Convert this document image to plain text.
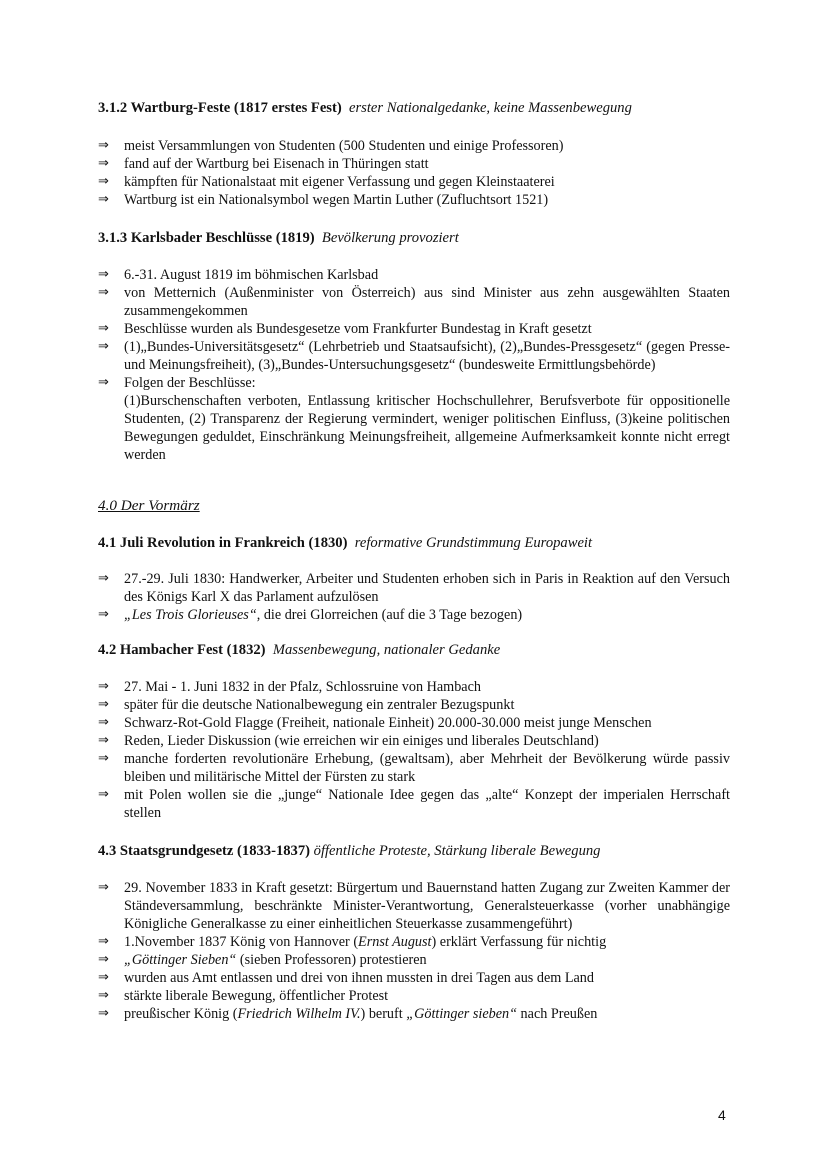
3.1.2 Wartburg-Feste (1817 erstes Fest) erster Nationalgedanke, keine Massenbewegung
⇒ meist Versammlungen von Studenten (500 Studenten und einige Professoren)
⇒ fand auf der Wartburg bei Eisenach in Thüringen statt
⇒ kämpften für Nationalstaat mit eigener Verfassung und gegen Kleinstaaterei
⇒ Wartburg ist ein Nationalsymbol wegen Martin Luther (Zufluchtsort 1521)
3.1.3 Karlsbader Beschlüsse (1819) Bevölkerung provoziert
⇒ 6.-31. August 1819 im böhmischen Karlsbad
⇒ von Metternich (Außenminister von Österreich) aus sind Minister aus zehn ausgewählten Staaten zusammengekommen
⇒ Beschlüsse wurden als Bundesgesetze vom Frankfurter Bundestag in Kraft gesetzt
⇒ (1)„Bundes-Universitätsgesetz“ (Lehrbetrieb und Staatsaufsicht), (2)„Bundes-Pressgesetz“ (gegen Presse- und Meinungsfreiheit), (3)„Bundes-Untersuchungsgesetz“ (bundesweite Ermittlungsbehörde)
⇒ Folgen der Beschlüsse:

(1)Burschenschaften verboten, Entlassung kritischer Hochschullehrer, Berufsverbote für oppositionelle Studenten, (2) Transparenz der Regierung vermindert, weniger politischen Einfluss, (3)keine politischen Bewegungen geduldet, Einschränkung Meinungsfreiheit, allgemeine Aufmerksamkeit konnte nicht erregt werden
4.0 Der Vormärz
4.1 Juli Revolution in Frankreich (1830) reformative Grundstimmung Europaweit
⇒ 27.-29. Juli 1830: Handwerker, Arbeiter und Studenten erhoben sich in Paris in Reaktion auf den Versuch des Königs Karl X das Parlament aufzulösen
⇒ „Les Trois Glorieuses“, die drei Glorreichen (auf die 3 Tage bezogen)
4.2 Hambacher Fest (1832) Massenbewegung, nationaler Gedanke
⇒ 27. Mai - 1. Juni 1832 in der Pfalz, Schlossruine von Hambach
⇒ später für die deutsche Nationalbewegung ein zentraler Bezugspunkt
⇒ Schwarz-Rot-Gold Flagge (Freiheit, nationale Einheit) 20.000-30.000 meist junge Menschen
⇒ Reden, Lieder Diskussion (wie erreichen wir ein einiges und liberales Deutschland)
⇒ manche forderten revolutionäre Erhebung, (gewaltsam), aber Mehrheit der Bevölkerung würde passiv bleiben und militärische Mittel der Fürsten zu stark
⇒ mit Polen wollen sie die „junge“ Nationale Idee gegen das „alte“ Konzept der imperialen Herrschaft stellen
4.3 Staatsgrundgesetz (1833-1837) öffentliche Proteste, Stärkung liberale Bewegung
⇒ 29. November 1833 in Kraft gesetzt: Bürgertum und Bauernstand hatten Zugang zur Zweiten Kammer der Ständeversammlung, beschränkte Minister-Verantwortung, Generalsteuerkasse (vorher unabhängige Königliche Generalkasse zu einer einheitlichen Steuerkasse zusammengeführt)
⇒ 1.November 1837 König von Hannover (Ernst August) erklärt Verfassung für nichtig
⇒ „Göttinger Sieben“ (sieben Professoren) protestieren
⇒ wurden aus Amt entlassen und drei von ihnen mussten in drei Tagen aus dem Land
⇒ stärkte liberale Bewegung, öffentlicher Protest
⇒ preußischer König (Friedrich Wilhelm IV.) beruft „Göttinger sieben“ nach Preußen
4
